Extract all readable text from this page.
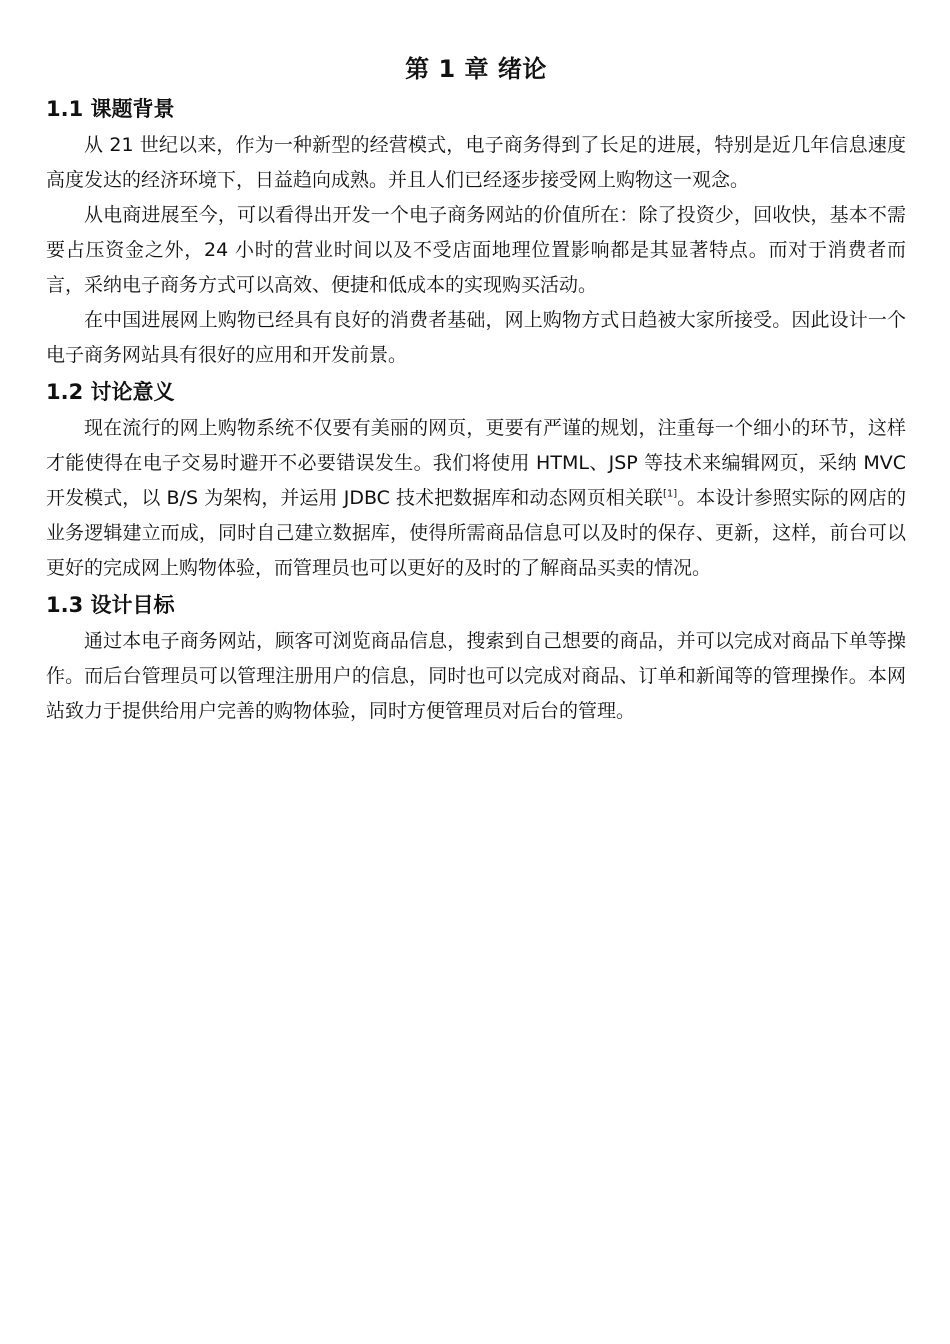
第 1 章 绪论
1.1 课题背景

从 21 世纪以来，作为一种新型的经营模式，电子商务得到了长足的进展，特别是近几年信息速度高度发达的经济环境下，日益趋向成熟。并且人们已经逐步接受网上购物这一观念。

从电商进展至今，可以看得出开发一个电子商务网站的价值所在：除了投资少，回收快，基本不需要占压资金之外，24 小时的营业时间以及不受店面地理位置影响都是其显著特点。而对于消费者而言，采纳电子商务方式可以高效、便捷和低成本的实现购买活动。

在中国进展网上购物已经具有良好的消费者基础，网上购物方式日趋被大家所接受。因此设计一个电子商务网站具有很好的应用和开发前景。

1.2 讨论意义

现在流行的网上购物系统不仅要有美丽的网页，更要有严谨的规划，注重每一个细小的环节，这样才能使得在电子交易时避开不必要错误发生。我们将使用 HTML、JSP 等技术来编辑网页，采纳 MVC 开发模式，以 B/S 为架构，并运用 JDBC 技术把数据库和动态网页相关联[1]。本设计参照实际的网店的业务逻辑建立而成，同时自己建立数据库，使得所需商品信息可以及时的保存、更新，这样，前台可以更好的完成网上购物体验，而管理员也可以更好的及时的了解商品买卖的情况。

1.3 设计目标

通过本电子商务网站，顾客可浏览商品信息，搜索到自己想要的商品，并可以完成对商品下单等操作。而后台管理员可以管理注册用户的信息，同时也可以完成对商品、订单和新闻等的管理操作。本网站致力于提供给用户完善的购物体验，同时方便管理员对后台的管理。
